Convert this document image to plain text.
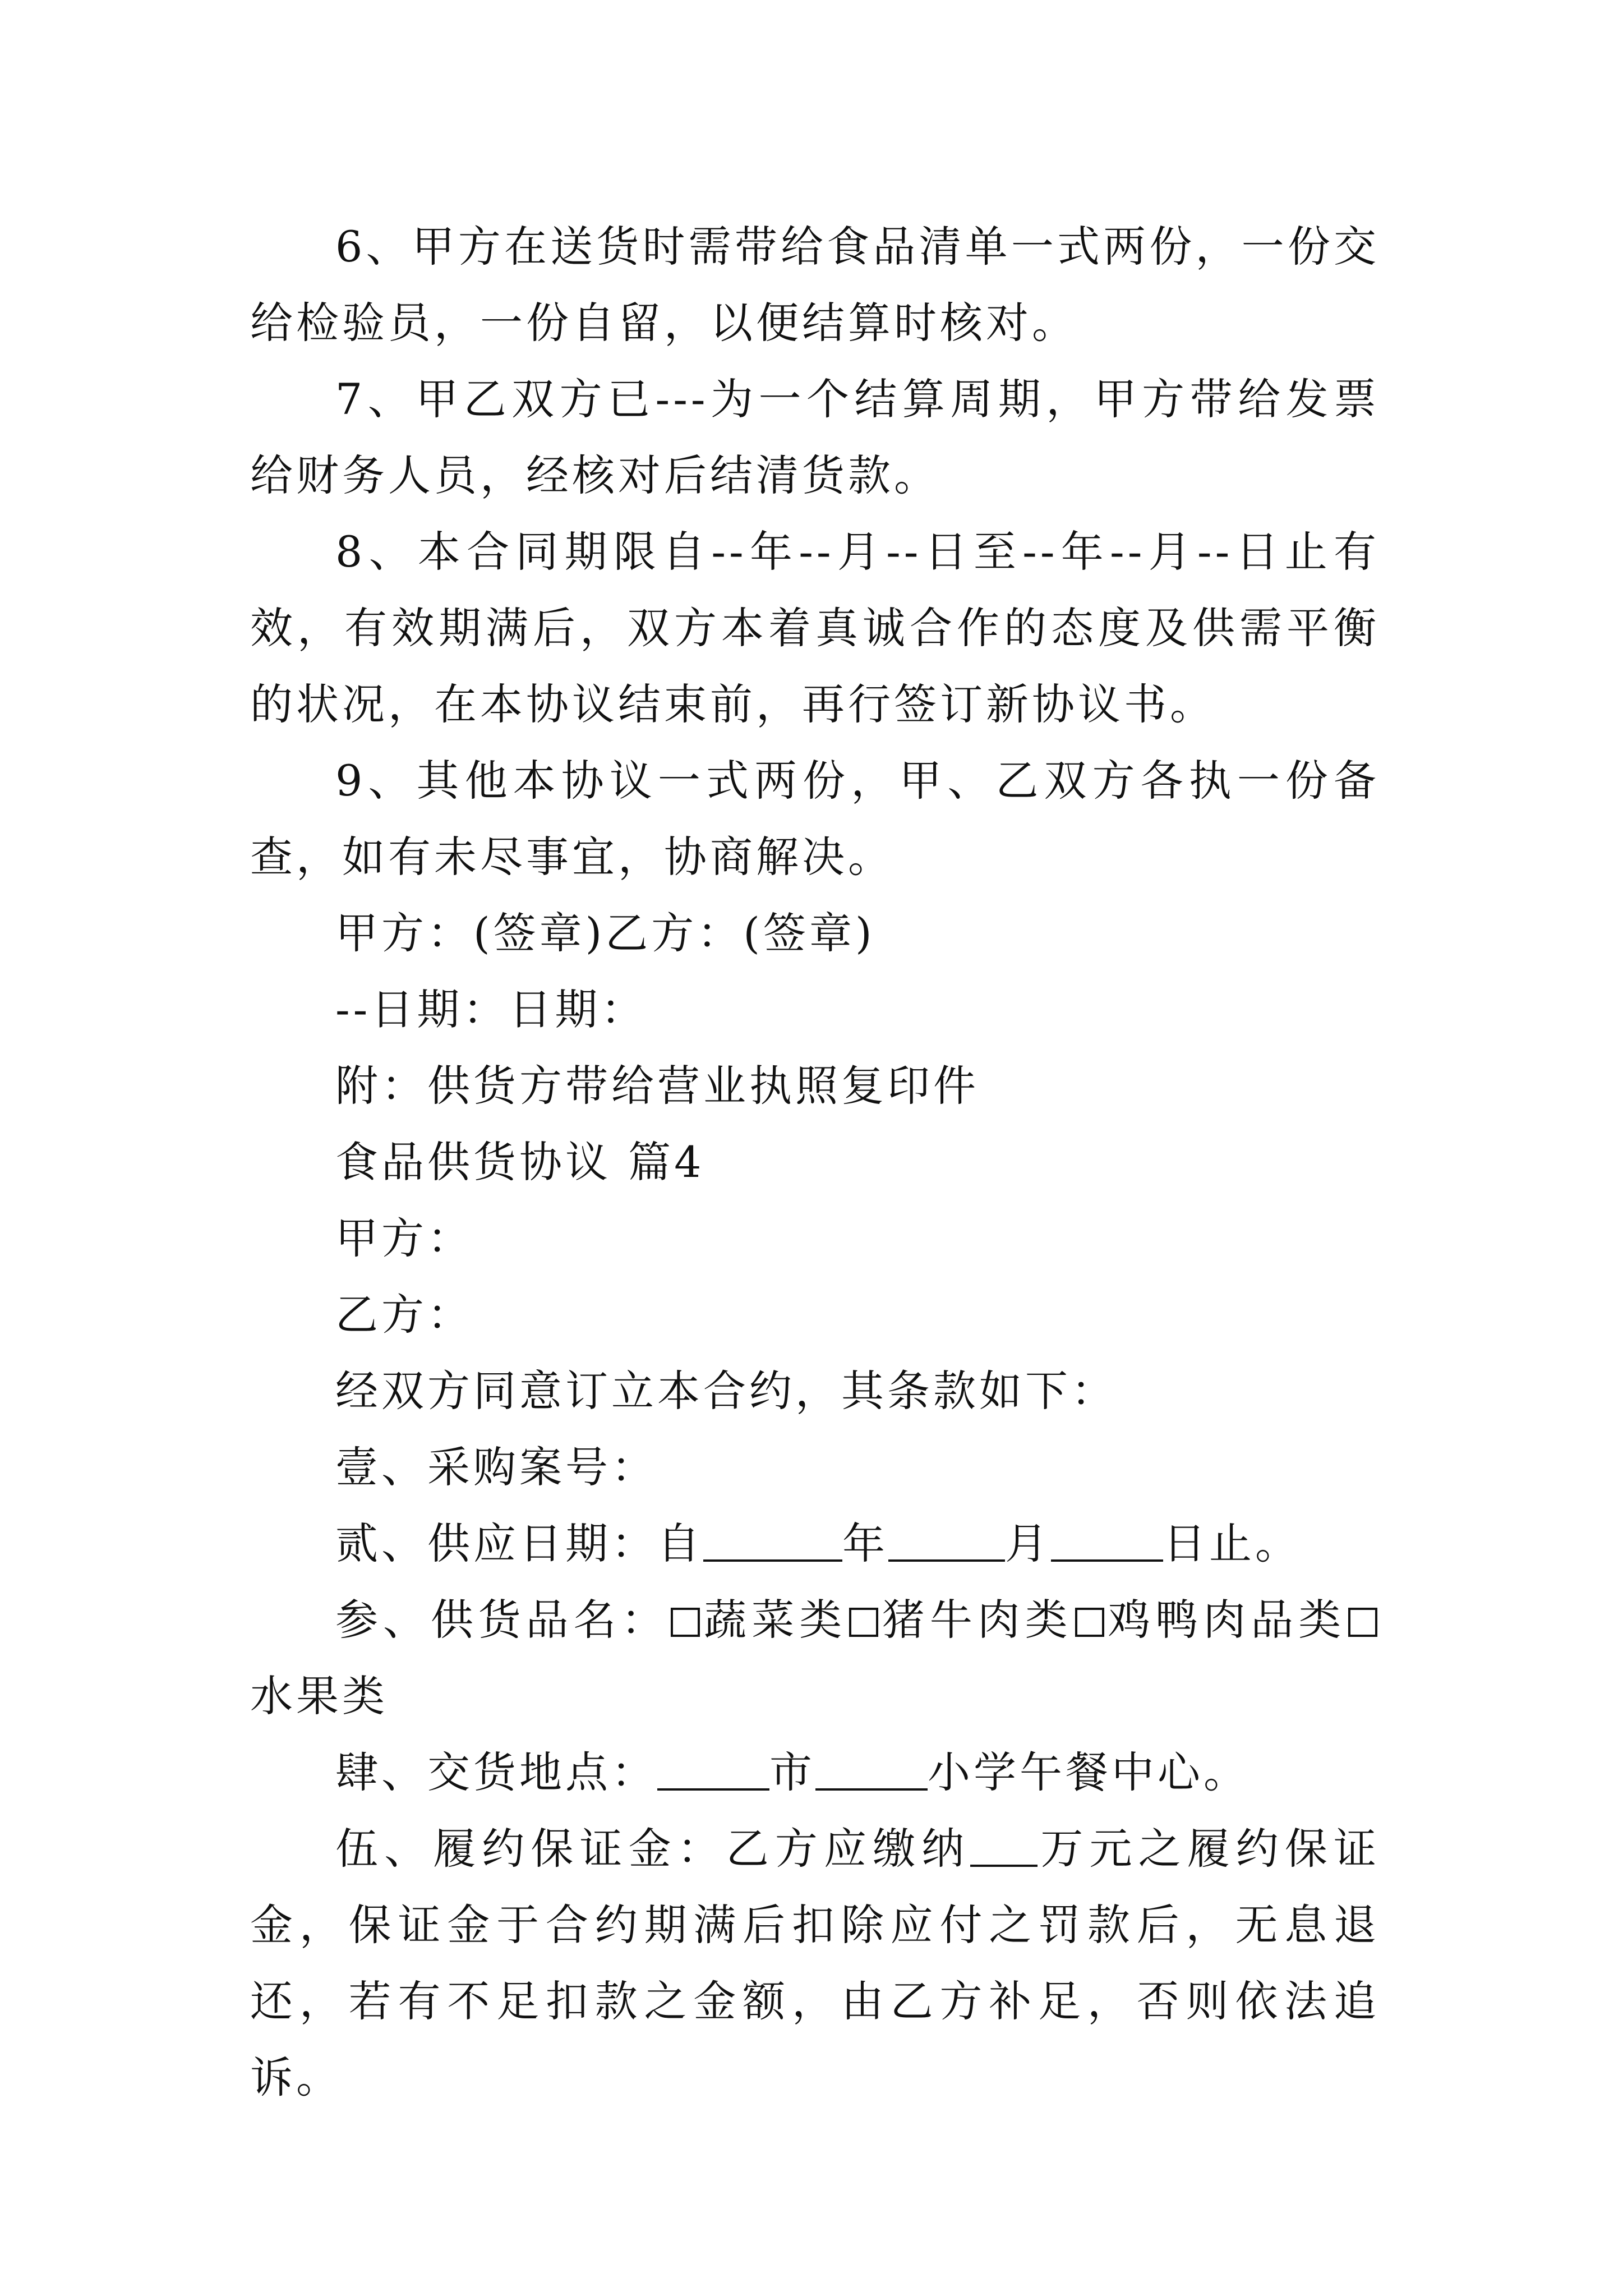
6、甲方在送货时需带给食品清单一式两份，一份交给检验员，一份自留，以便结算时核对。

7、甲乙双方已---为一个结算周期，甲方带给发票给财务人员，经核对后结清货款。

8、本合同期限自--年--月--日至--年--月--日止有效，有效期满后，双方本着真诚合作的态度及供需平衡的状况，在本协议结束前，再行签订新协议书。

9、其他本协议一式两份，甲、乙双方各执一份备查，如有未尽事宜，协商解决。

甲方：(签章)乙方：(签章)

--日期：日期：

附：供货方带给营业执照复印件

食品供货协议 篇4

甲方：

乙方：

经双方同意订立本合约，其条款如下：

壹、采购案号：

贰、供应日期：自	年	月	日止。

参、供货品名： 蔬菜类 猪牛肉类 鸡鸭肉品类水果类

肆、交货地点：	市	小学午餐中心。

伍、履约保证金：乙方应缴纳 万元之履约保证金，保证金于合约期满后扣除应付之罚款后，无息退还，若有不足扣款之金额，由乙方补足，否则依法追诉。
